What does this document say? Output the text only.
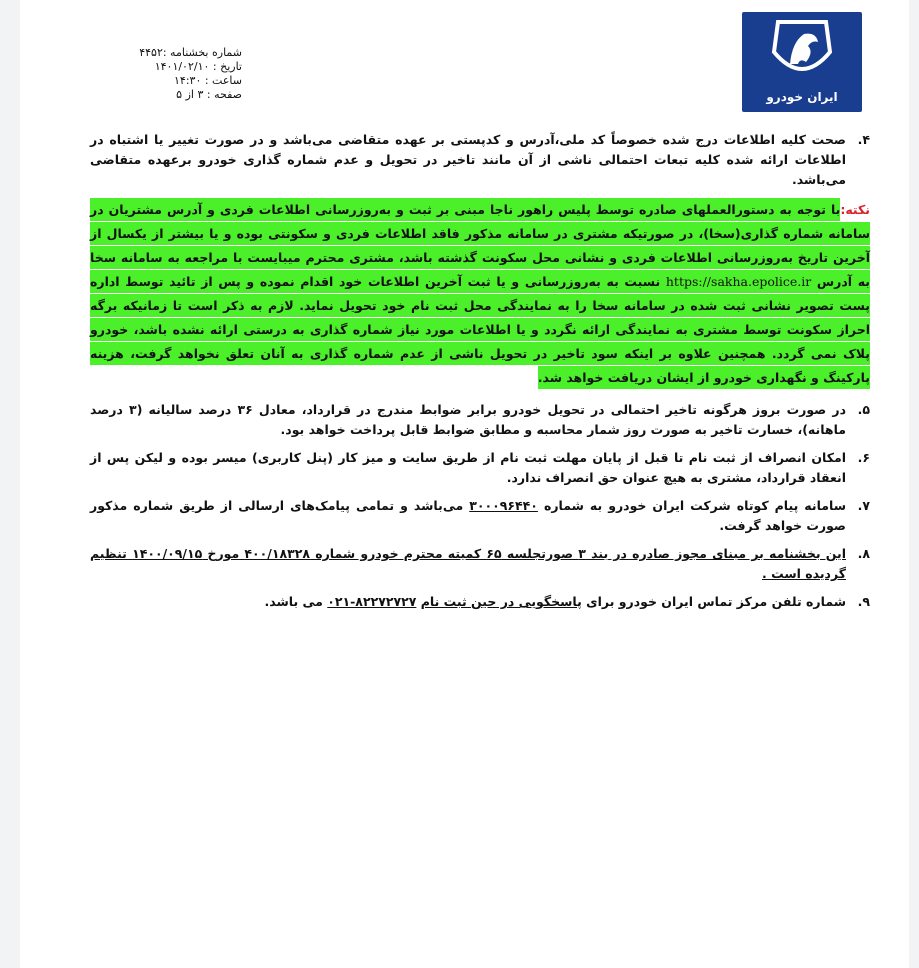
ایران خودرو
شماره بخشنامه :۴۴۵۲
تاریخ : ۱۴۰۱/۰۲/۱۰
ساعت : ۱۴:۳۰
صفحه : ۳ از ۵
۴.

صحت کلیه اطلاعات درج شده خصوصاً کد ملی،آدرس و کدپستی بر عهده متقاضی می‌باشد و در صورت تغییر یا اشتباه در اطلاعات ارائه شده کلیه تبعات احتمالی ناشی از آن مانند تاخیر در تحویل و عدم شماره گذاری خودرو برعهده متقاضی می‌باشد.

نکته:با توجه به دستورالعملهای صادره توسط پلیس راهور ناجا مبنی بر ثبت و به‌روزرسانی اطلاعات فردی و آدرس مشتریان در سامانه شماره گذاری(سخا)، در صورتیکه مشتری در سامانه مذکور فاقد اطلاعات فردی و سکونتی بوده و یا بیشتر از یکسال از آخرین تاریخ به‌روزرسانی اطلاعات فردی و نشانی محل سکونت گذشته باشد، مشتری محترم میبایست با مراجعه به سامانه سخا به آدرس https://sakha.epolice.ir نسبت به به‌روزرسانی و یا ثبت آخرین اطلاعات خود اقدام نموده و پس از تائید توسط اداره پست تصویر نشانی ثبت شده در سامانه سخا را به نمایندگی محل ثبت نام خود تحویل نماید. لازم به ذکر است تا زمانیکه برگه احراز سکونت توسط مشتری به نمایندگی ارائه نگردد و یا اطلاعات مورد نیاز شماره گذاری به درستی ارائه نشده باشد، خودرو پلاک نمی گردد. همچنین علاوه بر اینکه سود تاخیر در تحویل ناشی از عدم شماره گذاری به آنان تعلق نخواهد گرفت، هزینه پارکینگ و نگهداری خودرو از ایشان دریافت خواهد شد.
۵.

در صورت بروز هرگونه تاخیر احتمالی در تحویل خودرو برابر ضوابط مندرج در قرارداد، معادل ۳۶ درصد سالیانه (۳ درصد ماهانه)، خسارت تاخیر به صورت روز شمار محاسبه و مطابق ضوابط قابل پرداخت خواهد بود.

۶.

امکان انصراف از ثبت نام تا قبل از پایان مهلت ثبت نام از طریق سایت و میز کار (پنل کاربری) میسر بوده و لیکن پس از انعقاد قرارداد، مشتری به هیچ عنوان حق انصراف ندارد.

۷.

سامانه پیام کوتاه شرکت ایران خودرو به شماره ۳۰۰۰۹۶۴۴۰ می‌باشد و تمامی پیامک‌های ارسالی از طریق شماره مذکور صورت خواهد گرفت.

۸.

این بخشنامه بر مبنای مجوز صادره در بند ۳ صورتجلسه ۶۵ کمیته محترم خودرو شماره ۴۰۰/۱۸۳۲۸ مورخ ۱۴۰۰/۰۹/۱۵ تنظیم گردیده است .

۹.

شماره تلفن مرکز تماس ایران خودرو برای پاسخگویی در حین ثبت نام ۰۲۱-۸۲۲۷۲۷۲۷ می باشد.
